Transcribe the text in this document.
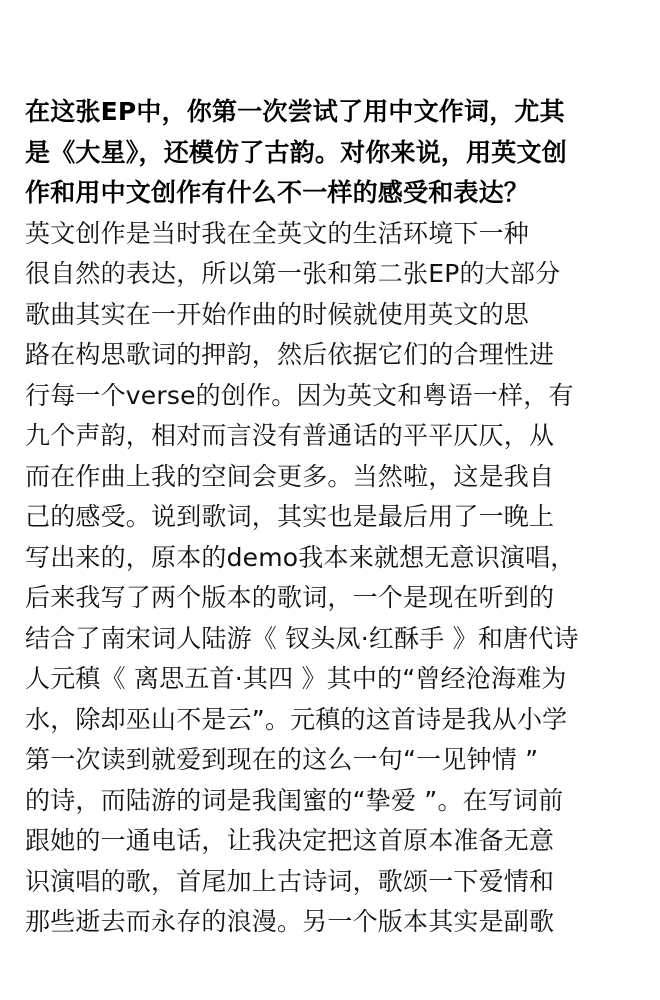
在这张EP中，你第一次尝试了用中文作词，尤其
是《大星》，还模仿了古韵。对你来说，用英文创
作和用中文创作有什么不一样的感受和表达？
英文创作是当时我在全英文的生活环境下一种
很自然的表达，所以第一张和第二张EP的大部分
歌曲其实在一开始作曲的时候就使用英文的思
路在构思歌词的押韵，然后依据它们的合理性进
行每一个verse的创作。因为英文和粤语一样，有
九个声韵，相对而言没有普通话的平平仄仄，从
而在作曲上我的空间会更多。当然啦，这是我自
己的感受。说到歌词，其实也是最后用了一晚上
写出来的，原本的demo我本来就想无意识演唱，
后来我写了两个版本的歌词，一个是现在听到的
结合了南宋词人陆游《 钗头凤·红酥手 》和唐代诗
人元稹《 离思五首·其四 》其中的“曾经沧海难为
水，除却巫山不是云”。元稹的这首诗是我从小学
第一次读到就爱到现在的这么一句“一见钟情 ”
的诗，而陆游的词是我闺蜜的“挚爱 ”。在写词前
跟她的一通电话，让我决定把这首原本准备无意
识演唱的歌，首尾加上古诗词，歌颂一下爱情和
那些逝去而永存的浪漫。另一个版本其实是副歌
